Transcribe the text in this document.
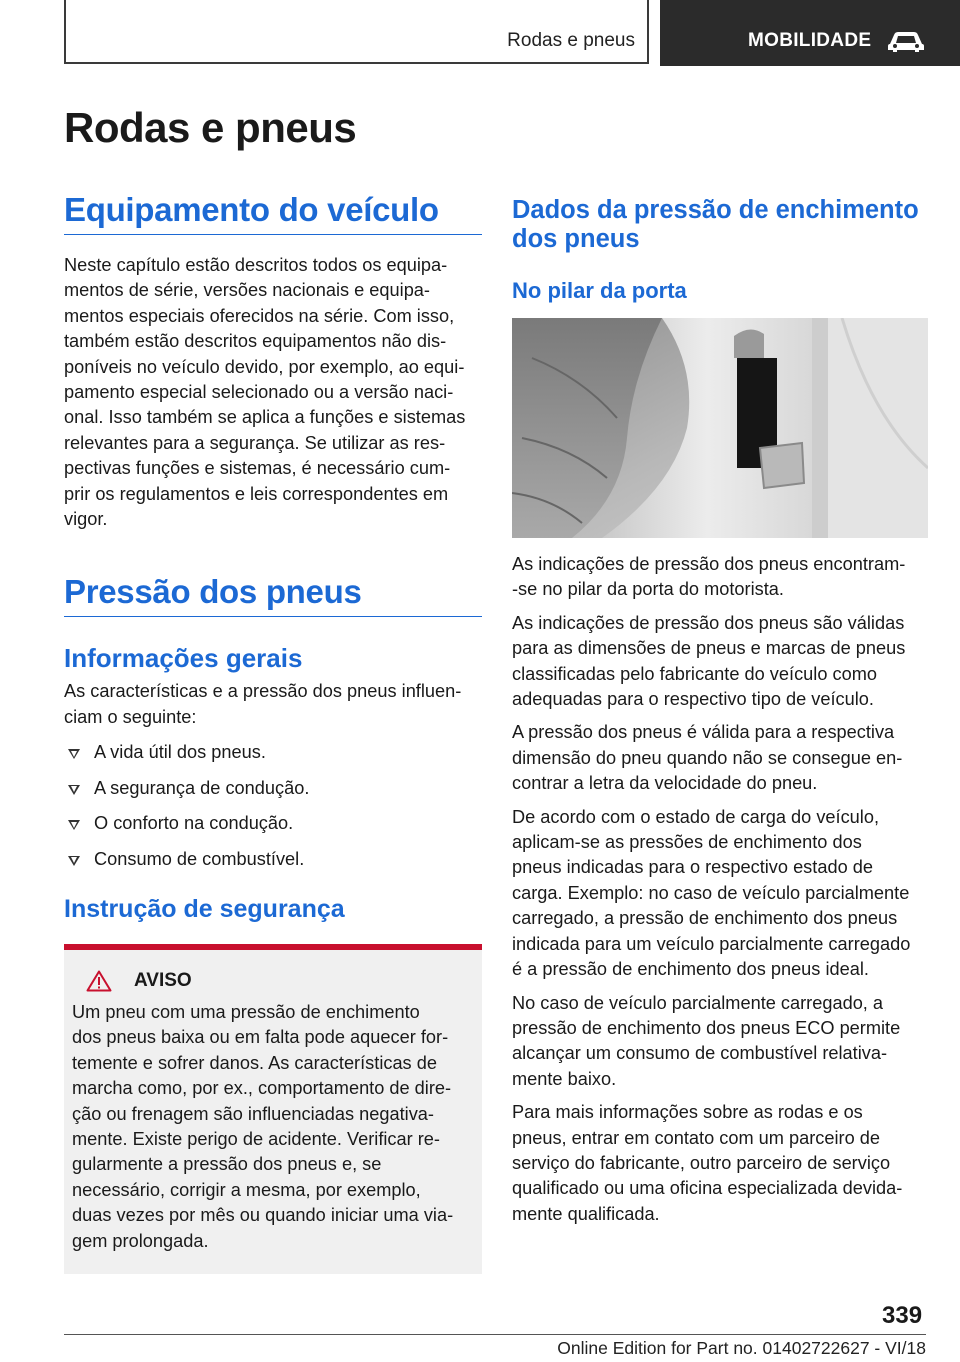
Rodas e pneus	MOBILIDADE
Rodas e pneus
Equipamento do veículo

Neste capítulo estão descritos todos os equipa‐
mentos de série, versões nacionais e equipa‐
mentos especiais oferecidos na série. Com isso,
também estão descritos equipamentos não dis‐
poníveis no veículo devido, por exemplo, ao equi‐
pamento especial selecionado ou a versão naci‐
onal. Isso também se aplica a funções e sistemas
relevantes para a segurança. Se utilizar as res‐
pectivas funções e sistemas, é necessário cum‐
prir os regulamentos e leis correspondentes em
vigor.

Pressão dos pneus
Informações gerais

As características e a pressão dos pneus influen‐
ciam o seguinte:

A vida útil dos pneus.
A segurança de condução.
O conforto na condução.
Consumo de combustível.
Instrução de segurança
AVISO

Um pneu com uma pressão de enchimento
dos pneus baixa ou em falta pode aquecer for‐
temente e sofrer danos. As características de
marcha como, por ex., comportamento de dire‐
ção ou frenagem são influenciadas negativa‐
mente. Existe perigo de acidente. Verificar re‐
gularmente a pressão dos pneus e, se
necessário, corrigir a mesma, por exemplo,
duas vezes por mês ou quando iniciar uma via‐
gem prolongada.

Dados da pressão de enchimento
dos pneus
No pilar da porta

As indicações de pressão dos pneus encontram-
-se no pilar da porta do motorista.

As indicações de pressão dos pneus são válidas
para as dimensões de pneus e marcas de pneus
classificadas pelo fabricante do veículo como
adequadas para o respectivo tipo de veículo.

A pressão dos pneus é válida para a respectiva
dimensão do pneu quando não se consegue en‐
contrar a letra da velocidade do pneu.

De acordo com o estado de carga do veículo,
aplicam-se as pressões de enchimento dos
pneus indicadas para o respectivo estado de
carga. Exemplo: no caso de veículo parcialmente
carregado, a pressão de enchimento dos pneus
indicada para um veículo parcialmente carregado
é a pressão de enchimento dos pneus ideal.

No caso de veículo parcialmente carregado, a
pressão de enchimento dos pneus ECO permite
alcançar um consumo de combustível relativa‐
mente baixo.

Para mais informações sobre as rodas e os
pneus, entrar em contato com um parceiro de
serviço do fabricante, outro parceiro de serviço
qualificado ou uma oficina especializada devida‐
mente qualificada.

339
Online Edition for Part no. 01402722627 - VI/18
